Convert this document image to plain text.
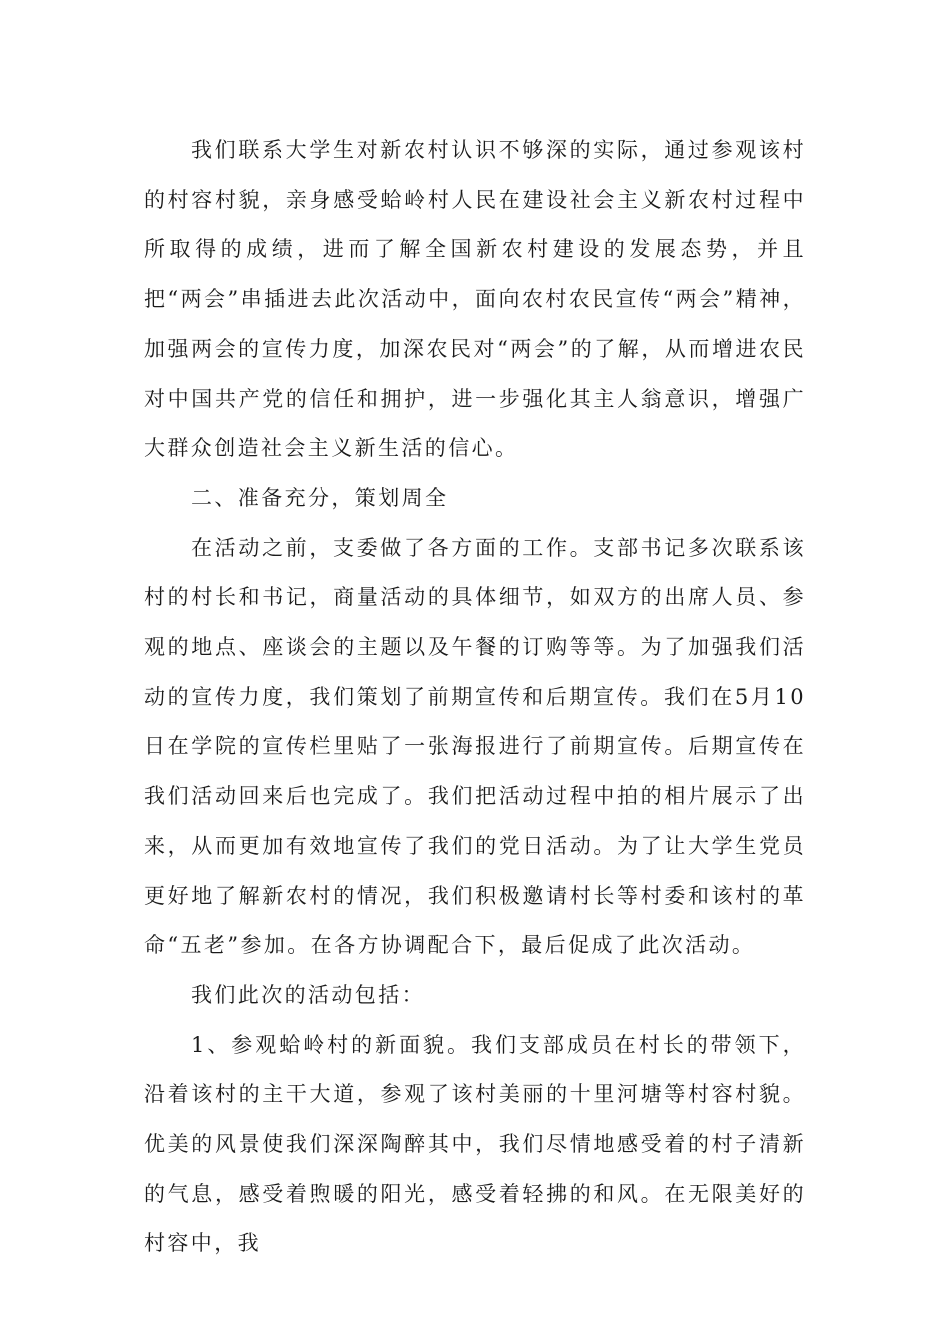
我们联系大学生对新农村认识不够深的实际，通过参观该村的村容村貌，亲身感受蛤岭村人民在建设社会主义新农村过程中所取得的成绩，进而了解全国新农村建设的发展态势，并且把“两会”串插进去此次活动中，面向农村农民宣传“两会”精神，加强两会的宣传力度，加深农民对“两会”的了解，从而增进农民对中国共产党的信任和拥护，进一步强化其主人翁意识，增强广大群众创造社会主义新生活的信心。

二、准备充分，策划周全

在活动之前，支委做了各方面的工作。支部书记多次联系该村的村长和书记，商量活动的具体细节，如双方的出席人员、参观的地点、座谈会的主题以及午餐的订购等等。为了加强我们活动的宣传力度，我们策划了前期宣传和后期宣传。我们在5月10日在学院的宣传栏里贴了一张海报进行了前期宣传。后期宣传在我们活动回来后也完成了。我们把活动过程中拍的相片展示了出来，从而更加有效地宣传了我们的党日活动。为了让大学生党员更好地了解新农村的情况，我们积极邀请村长等村委和该村的革命“五老”参加。在各方协调配合下，最后促成了此次活动。

我们此次的活动包括：

1、参观蛤岭村的新面貌。我们支部成员在村长的带领下，沿着该村的主干大道，参观了该村美丽的十里河塘等村容村貌。优美的风景使我们深深陶醉其中，我们尽情地感受着的村子清新的气息，感受着煦暖的阳光，感受着轻拂的和风。在无限美好的村容中，我
